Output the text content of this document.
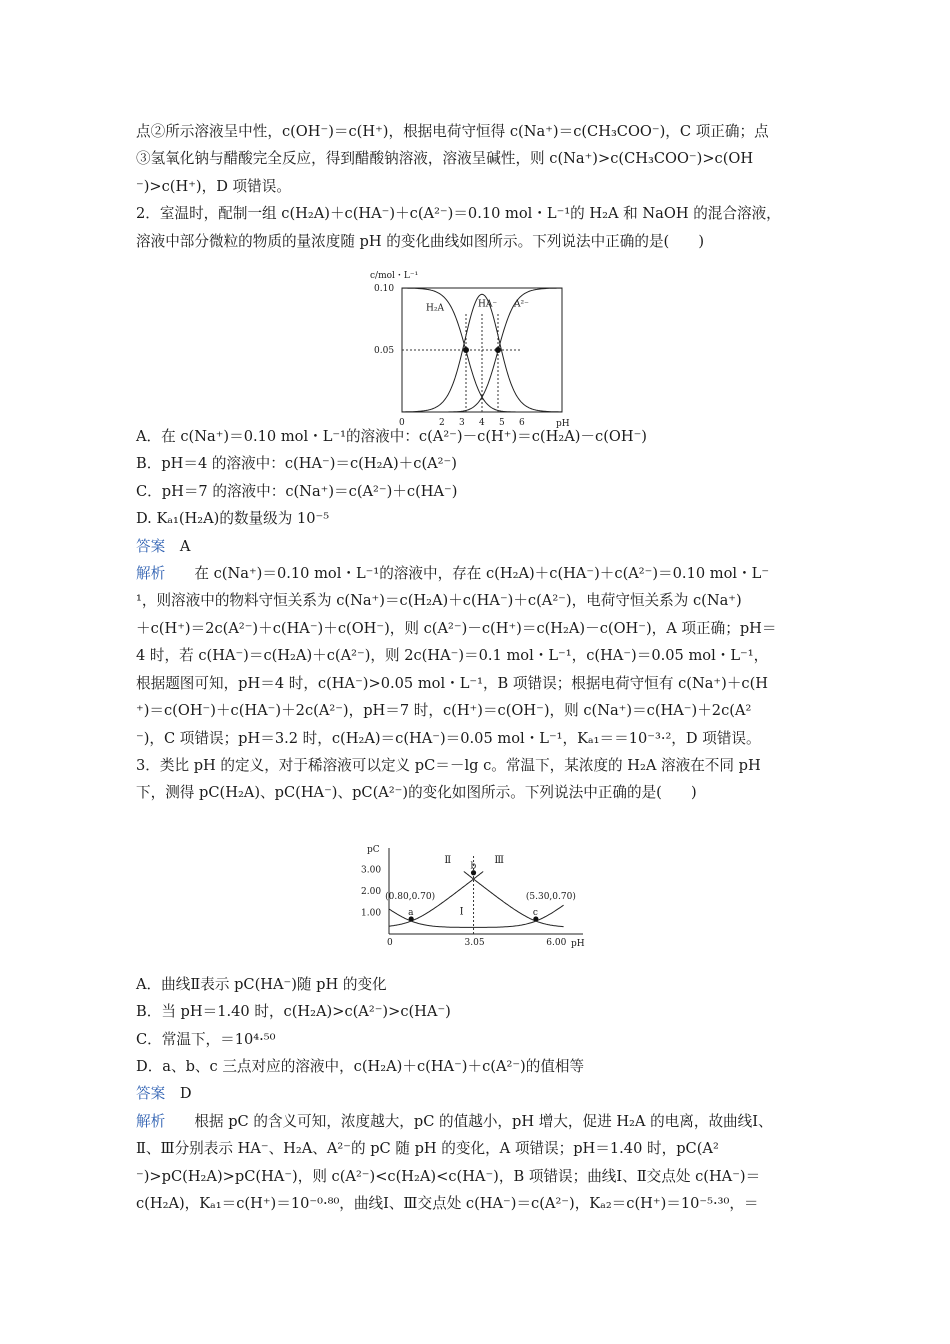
点②所示溶液呈中性，c(OH⁻)＝c(H⁺)，根据电荷守恒得 c(Na⁺)＝c(CH₃COO⁻)，C 项正确；点
③氢氧化钠与醋酸完全反应，得到醋酸钠溶液，溶液呈碱性，则 c(Na⁺)>c(CH₃COO⁻)>c(OH
⁻)>c(H⁺)，D 项错误。
2．室温时，配制一组 c(H₂A)＋c(HA⁻)＋c(A²⁻)＝0.10 mol・L⁻¹的 H₂A 和 NaOH 的混合溶液，
溶液中部分微粒的物质的量浓度随 pH 的变化曲线如图所示。下列说法中正确的是(　　)
A．在 c(Na⁺)＝0.10 mol・L⁻¹的溶液中：c(A²⁻)－c(H⁺)＝c(H₂A)－c(OH⁻)
B．pH＝4 的溶液中：c(HA⁻)＝c(H₂A)＋c(A²⁻)
C．pH＝7 的溶液中：c(Na⁺)＝c(A²⁻)＋c(HA⁻)
D. Kₐ₁(H₂A)的数量级为 10⁻⁵
答案　 A
解析　　在 c(Na⁺)＝0.10 mol・L⁻¹的溶液中，存在 c(H₂A)＋c(HA⁻)＋c(A²⁻)＝0.10 mol・L⁻
¹，则溶液中的物料守恒关系为 c(Na⁺)＝c(H₂A)＋c(HA⁻)＋c(A²⁻)，电荷守恒关系为 c(Na⁺)
＋c(H⁺)＝2c(A²⁻)＋c(HA⁻)＋c(OH⁻)，则 c(A²⁻)－c(H⁺)＝c(H₂A)－c(OH⁻)，A 项正确；pH＝
4 时，若 c(HA⁻)＝c(H₂A)＋c(A²⁻)，则 2c(HA⁻)＝0.1 mol・L⁻¹，c(HA⁻)＝0.05 mol・L⁻¹，
根据题图可知，pH＝4 时，c(HA⁻)>0.05 mol・L⁻¹，B 项错误；根据电荷守恒有 c(Na⁺)＋c(H
⁺)＝c(OH⁻)＋c(HA⁻)＋2c(A²⁻)，pH＝7 时，c(H⁺)＝c(OH⁻)，则 c(Na⁺)＝c(HA⁻)＋2c(A²
⁻)，C 项错误；pH＝3.2 时，c(H₂A)＝c(HA⁻)＝0.05 mol・L⁻¹，Kₐ₁＝＝10⁻³·²，D 项错误。
3．类比 pH 的定义，对于稀溶液可以定义 pC＝－lg c。常温下，某浓度的 H₂A 溶液在不同 pH
下，测得 pC(H₂A)、pC(HA⁻)、pC(A²⁻)的变化如图所示。下列说法中正确的是(　　)
A．曲线Ⅱ表示 pC(HA⁻)随 pH 的变化
B．当 pH＝1.40 时，c(H₂A)>c(A²⁻)>c(HA⁻)
C．常温下，＝10⁴·⁵⁰
D．a、b、c 三点对应的溶液中，c(H₂A)＋c(HA⁻)＋c(A²⁻)的值相等
答案　 D
解析　　根据 pC 的含义可知，浓度越大，pC 的值越小，pH 增大，促进 H₂A 的电离，故曲线Ⅰ、
Ⅱ、Ⅲ分别表示 HA⁻、H₂A、A²⁻的 pC 随 pH 的变化，A 项错误；pH＝1.40 时，pC(A²
⁻)>pC(H₂A)>pC(HA⁻)，则 c(A²⁻)<c(H₂A)<c(HA⁻)，B 项错误；曲线Ⅰ、Ⅱ交点处 c(HA⁻)＝
c(H₂A)，Kₐ₁＝c(H⁺)＝10⁻⁰·⁸⁰，曲线Ⅰ、Ⅲ交点处 c(HA⁻)＝c(A²⁻)，Kₐ₂＝c(H⁺)＝10⁻⁵·³⁰，＝
c/mol・L⁻¹
0	2 3 4 5 6
0.05
0.10
H₂A	HA⁻ A²⁻
pH
pC
0	3.05	6.00
1.00
2.00
3.00
a
(0.80,0.70)
b
c
(5.30,0.70)
Ⅰ
Ⅱ	Ⅲ
pH
